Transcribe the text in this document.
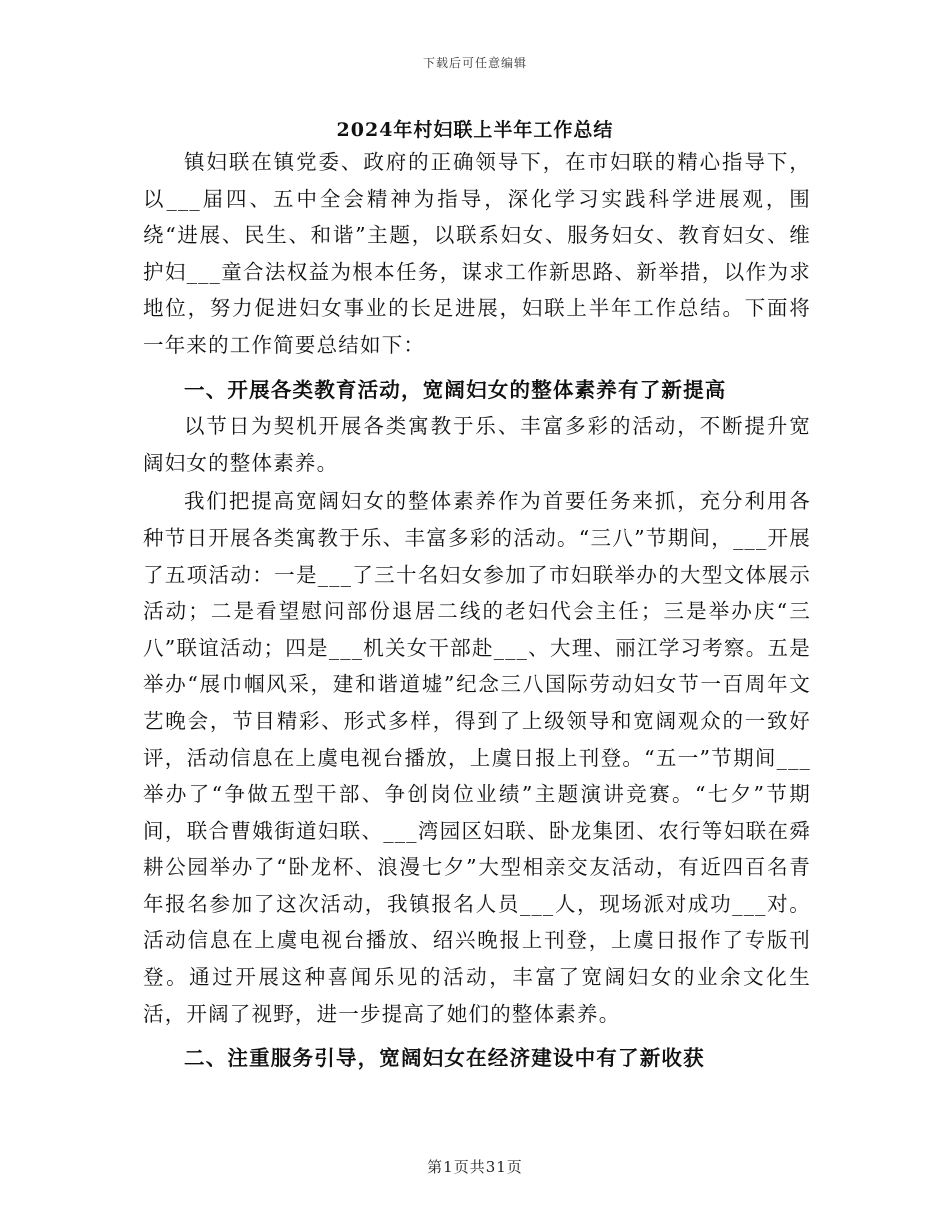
下载后可任意编辑
2024年村妇联上半年工作总结

镇妇联在镇党委、政府的正确领导下，在市妇联的精心指导下，以___届四、五中全会精神为指导，深化学习实践科学进展观，围绕“进展、民生、和谐”主题，以联系妇女、服务妇女、教育妇女、维护妇___童合法权益为根本任务，谋求工作新思路、新举措，以作为求地位，努力促进妇女事业的长足进展，妇联上半年工作总结。下面将一年来的工作简要总结如下：

一、开展各类教育活动，宽阔妇女的整体素养有了新提高

以节日为契机开展各类寓教于乐、丰富多彩的活动，不断提升宽阔妇女的整体素养。

我们把提高宽阔妇女的整体素养作为首要任务来抓，充分利用各种节日开展各类寓教于乐、丰富多彩的活动。“三八”节期间，___开展了五项活动：一是___了三十名妇女参加了市妇联举办的大型文体展示活动；二是看望慰问部份退居二线的老妇代会主任；三是举办庆“三八”联谊活动；四是___机关女干部赴___、大理、丽江学习考察。五是举办“展巾帼风采，建和谐道墟”纪念三八国际劳动妇女节一百周年文艺晚会，节目精彩、形式多样，得到了上级领导和宽阔观众的一致好评，活动信息在上虞电视台播放，上虞日报上刊登。“五一”节期间___举办了“争做五型干部、争创岗位业绩”主题演讲竞赛。“七夕”节期间，联合曹娥街道妇联、___湾园区妇联、卧龙集团、农行等妇联在舜耕公园举办了“卧龙杯、浪漫七夕”大型相亲交友活动，有近四百名青年报名参加了这次活动，我镇报名人员___人，现场派对成功___对。活动信息在上虞电视台播放、绍兴晚报上刊登，上虞日报作了专版刊登。通过开展这种喜闻乐见的活动，丰富了宽阔妇女的业余文化生活，开阔了视野，进一步提高了她们的整体素养。

二、注重服务引导，宽阔妇女在经济建设中有了新收获

第1页共31页
